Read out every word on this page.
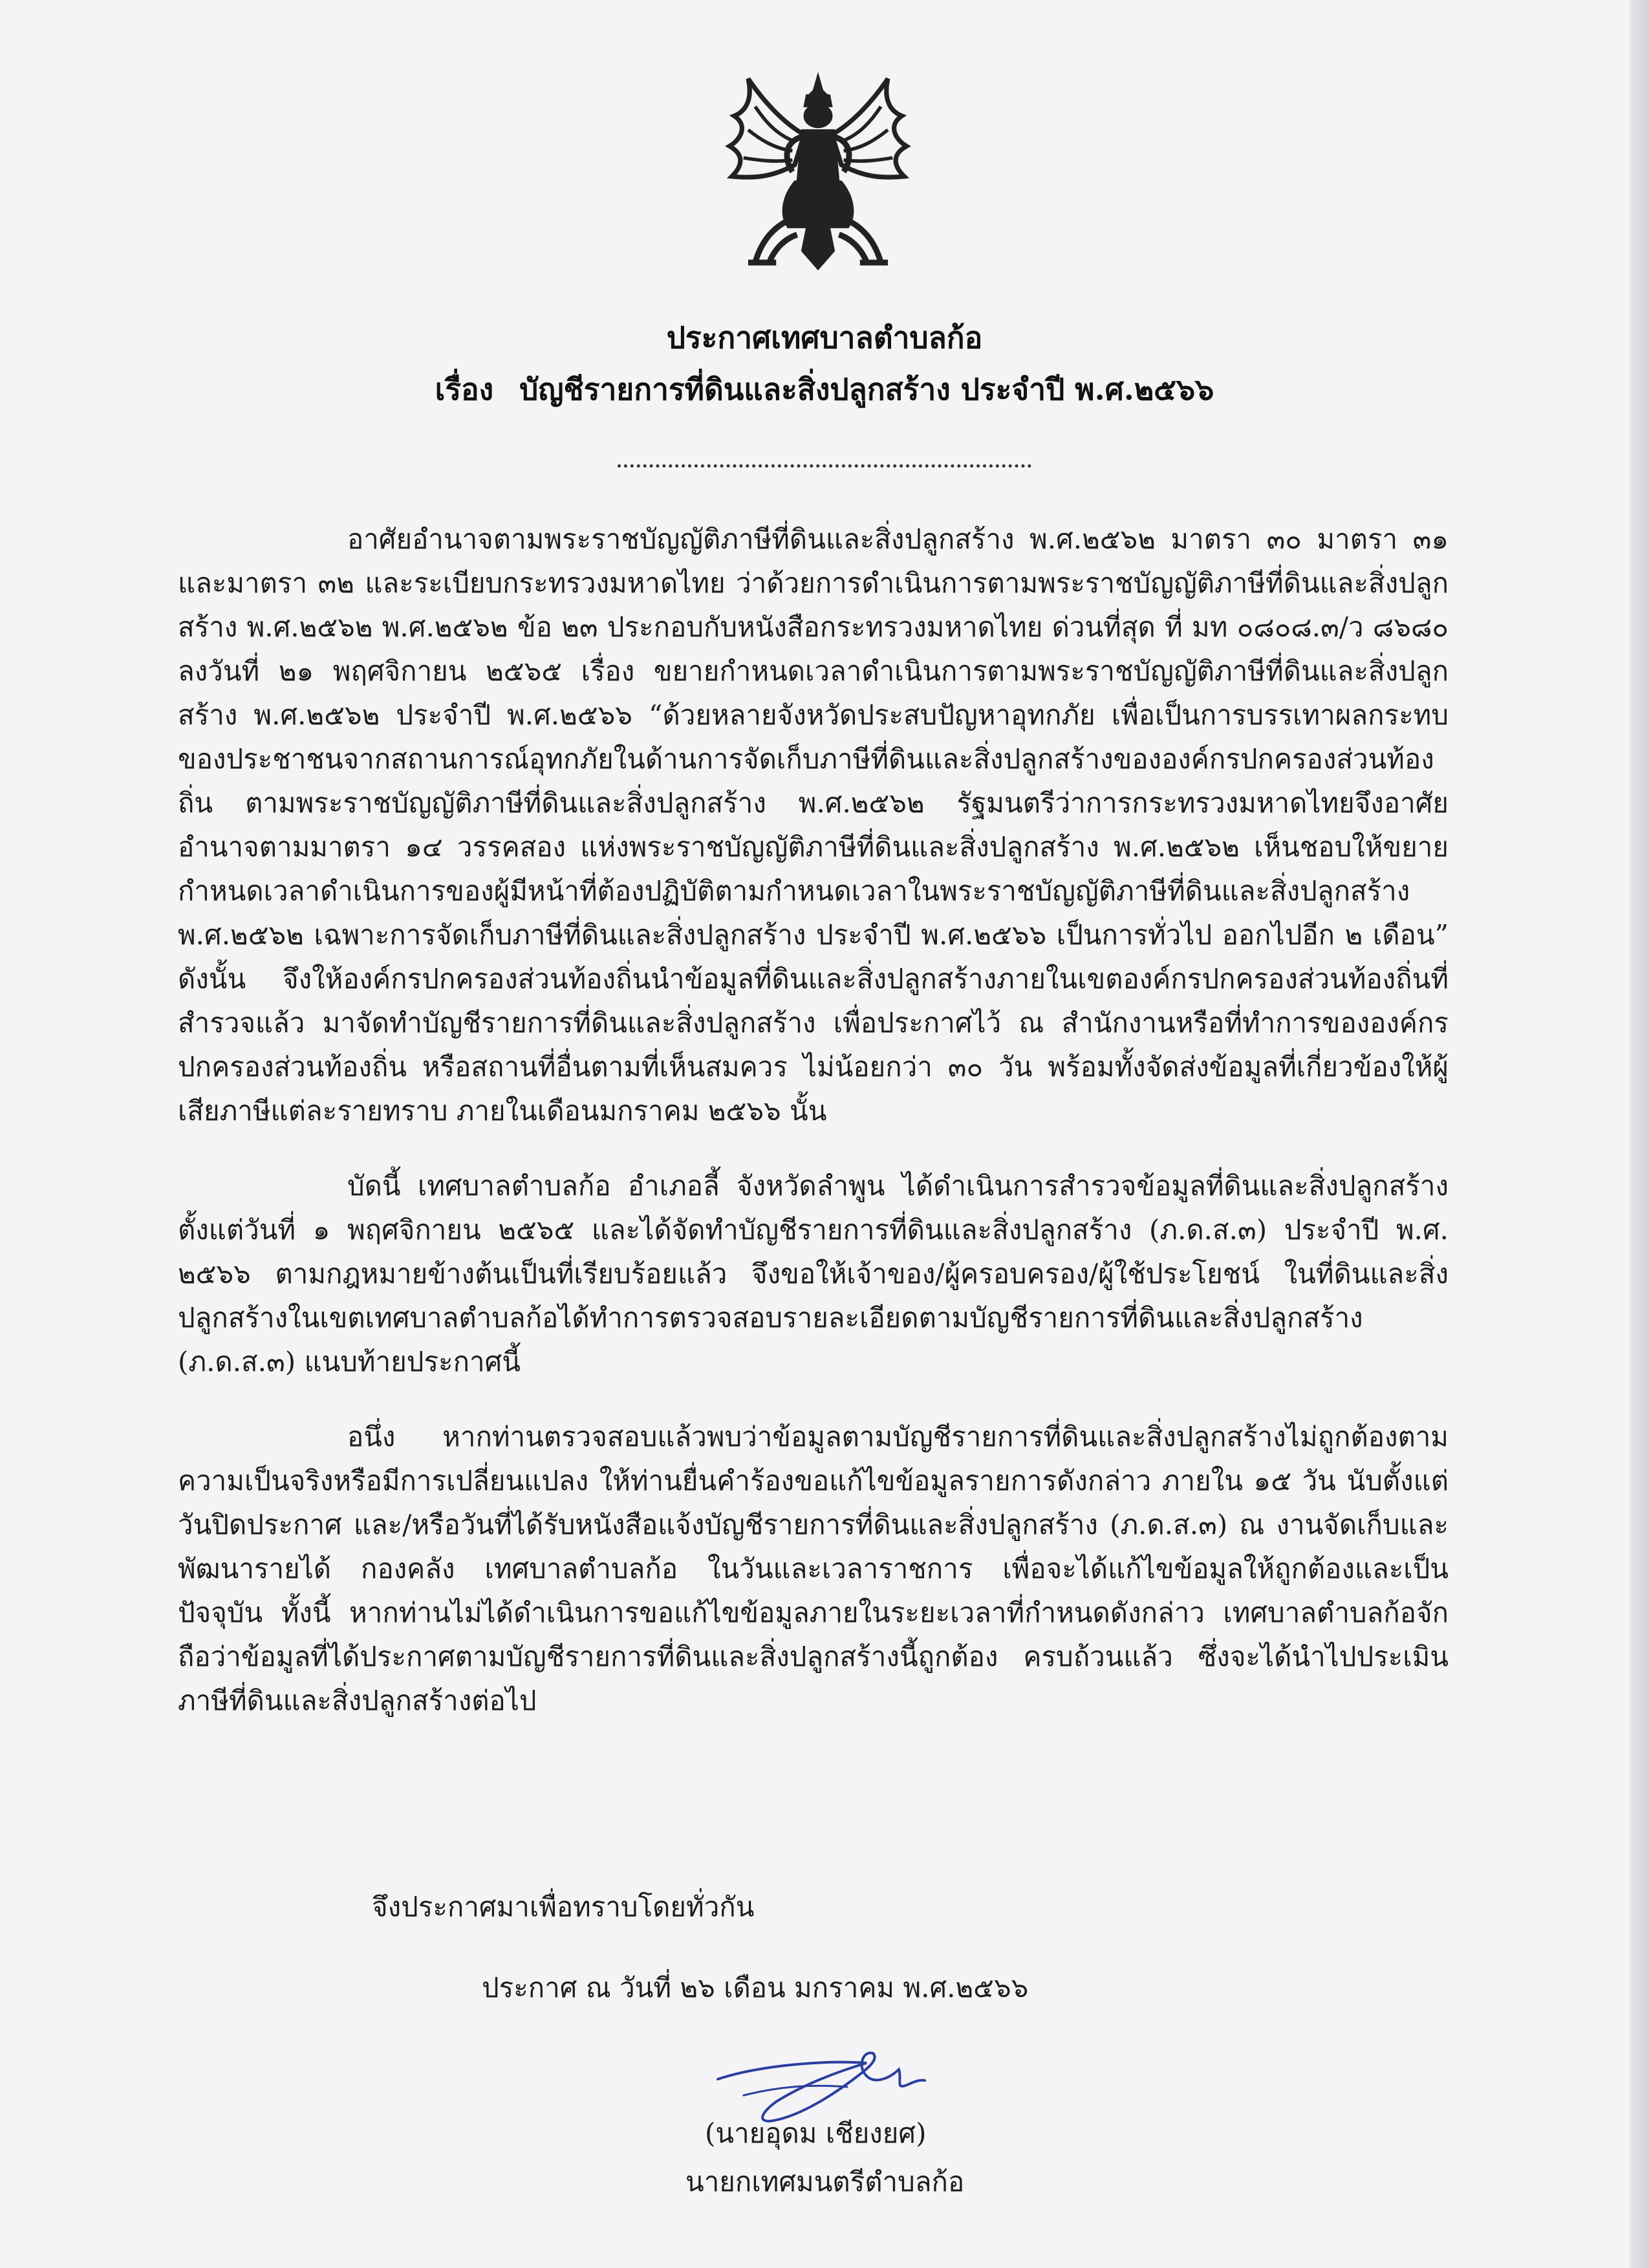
ประกาศเทศบาลตำบลก้อ
เรื่อง บัญชีรายการที่ดินและสิ่งปลูกสร้าง ประจำปี พ.ศ.๒๕๖๖

อาศัยอำนาจตามพระราชบัญญัติภาษีที่ดินและสิ่งปลูกสร้าง พ.ศ.๒๕๖๒ มาตรา ๓๐ มาตรา ๓๑ และมาตรา ๓๒ และระเบียบกระทรวงมหาดไทย ว่าด้วยการดำเนินการตามพระราชบัญญัติภาษีที่ดินและสิ่งปลูกสร้าง พ.ศ.๒๕๖๒ พ.ศ.๒๕๖๒ ข้อ ๒๓ ประกอบกับหนังสือกระทรวงมหาดไทย ด่วนที่สุด ที่ มท ๐๘๐๘.๓/ว ๘๖๘๐ ลงวันที่ ๒๑ พฤศจิกายน ๒๕๖๕ เรื่อง ขยายกำหนดเวลาดำเนินการตามพระราชบัญญัติภาษีที่ดินและสิ่งปลูกสร้าง พ.ศ.๒๕๖๒ ประจำปี พ.ศ.๒๕๖๖ “ด้วยหลายจังหวัดประสบปัญหาอุทกภัย เพื่อเป็นการบรรเทาผลกระทบของประชาชนจากสถานการณ์อุทกภัยในด้านการจัดเก็บภาษีที่ดินและสิ่งปลูกสร้างขององค์กรปกครองส่วนท้องถิ่น ตามพระราชบัญญัติภาษีที่ดินและสิ่งปลูกสร้าง พ.ศ.๒๕๖๒ รัฐมนตรีว่าการกระทรวงมหาดไทยจึงอาศัยอำนาจตามมาตรา ๑๔ วรรคสอง แห่งพระราชบัญญัติภาษีที่ดินและสิ่งปลูกสร้าง พ.ศ.๒๕๖๒ เห็นชอบให้ขยายกำหนดเวลาดำเนินการของผู้มีหน้าที่ต้องปฏิบัติตามกำหนดเวลาในพระราชบัญญัติภาษีที่ดินและสิ่งปลูกสร้าง พ.ศ.๒๕๖๒ เฉพาะการจัดเก็บภาษีที่ดินและสิ่งปลูกสร้าง ประจำปี พ.ศ.๒๕๖๖ เป็นการทั่วไป ออกไปอีก ๒ เดือน” ดังนั้น จึงให้องค์กรปกครองส่วนท้องถิ่นนำข้อมูลที่ดินและสิ่งปลูกสร้างภายในเขตองค์กรปกครองส่วนท้องถิ่นที่สำรวจแล้ว มาจัดทำบัญชีรายการที่ดินและสิ่งปลูกสร้าง เพื่อประกาศไว้ ณ สำนักงานหรือที่ทำการขององค์กรปกครองส่วนท้องถิ่น หรือสถานที่อื่นตามที่เห็นสมควร ไม่น้อยกว่า ๓๐ วัน พร้อมทั้งจัดส่งข้อมูลที่เกี่ยวข้องให้ผู้เสียภาษีแต่ละรายทราบ ภายในเดือนมกราคม ๒๕๖๖ นั้น

บัดนี้ เทศบาลตำบลก้อ อำเภอลี้ จังหวัดลำพูน ได้ดำเนินการสำรวจข้อมูลที่ดินและสิ่งปลูกสร้าง ตั้งแต่วันที่ ๑ พฤศจิกายน ๒๕๖๕ และได้จัดทำบัญชีรายการที่ดินและสิ่งปลูกสร้าง (ภ.ด.ส.๓) ประจำปี พ.ศ. ๒๕๖๖ ตามกฎหมายข้างต้นเป็นที่เรียบร้อยแล้ว จึงขอให้เจ้าของ/ผู้ครอบครอง/ผู้ใช้ประโยชน์ ในที่ดินและสิ่งปลูกสร้างในเขตเทศบาลตำบลก้อได้ทำการตรวจสอบรายละเอียดตามบัญชีรายการที่ดินและสิ่งปลูกสร้าง (ภ.ด.ส.๓) แนบท้ายประกาศนี้

อนึ่ง หากท่านตรวจสอบแล้วพบว่าข้อมูลตามบัญชีรายการที่ดินและสิ่งปลูกสร้างไม่ถูกต้องตามความเป็นจริงหรือมีการเปลี่ยนแปลง ให้ท่านยื่นคำร้องขอแก้ไขข้อมูลรายการดังกล่าว ภายใน ๑๕ วัน นับตั้งแต่วันปิดประกาศ และ/หรือวันที่ได้รับหนังสือแจ้งบัญชีรายการที่ดินและสิ่งปลูกสร้าง (ภ.ด.ส.๓) ณ งานจัดเก็บและพัฒนารายได้ กองคลัง เทศบาลตำบลก้อ ในวันและเวลาราชการ เพื่อจะได้แก้ไขข้อมูลให้ถูกต้องและเป็นปัจจุบัน ทั้งนี้ หากท่านไม่ได้ดำเนินการขอแก้ไขข้อมูลภายในระยะเวลาที่กำหนดดังกล่าว เทศบาลตำบลก้อจักถือว่าข้อมูลที่ได้ประกาศตามบัญชีรายการที่ดินและสิ่งปลูกสร้างนี้ถูกต้อง ครบถ้วนแล้ว ซึ่งจะได้นำไปประเมินภาษีที่ดินและสิ่งปลูกสร้างต่อไป

จึงประกาศมาเพื่อทราบโดยทั่วกัน
ประกาศ ณ วันที่ ๒๖ เดือน มกราคม พ.ศ.๒๕๖๖
(นายอุดม เชียงยศ)
นายกเทศมนตรีตำบลก้อ
